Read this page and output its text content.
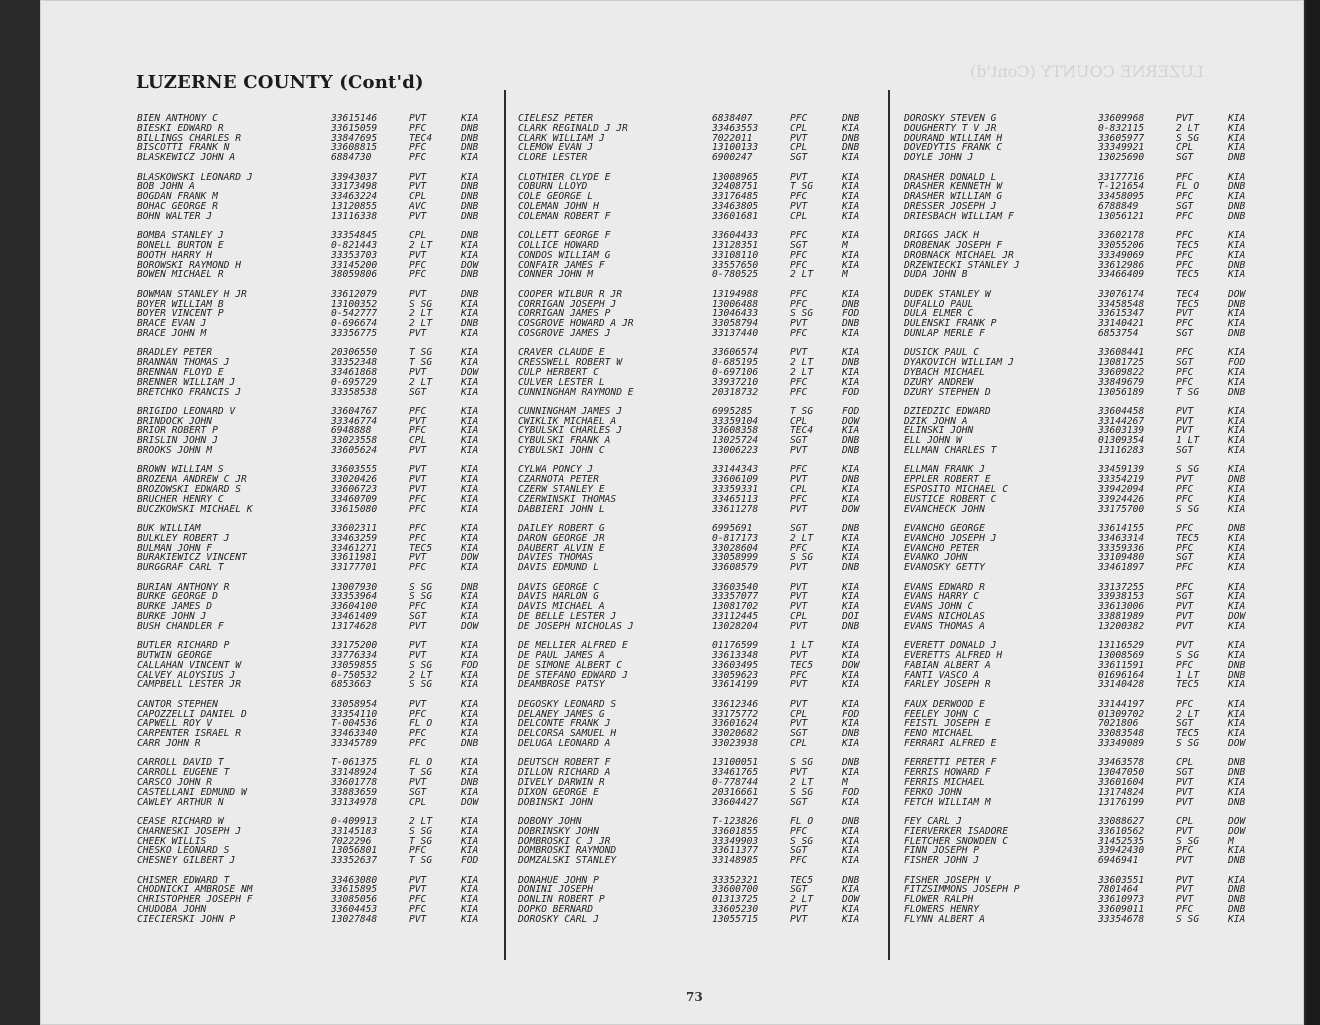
LUZERNE COUNTY (Cont'd)
LUZERNE COUNTY (Cont'd)
BIEN ANTHONY C	33615146	PVT	KIA
BIESKI EDWARD R	33615059	PFC	DNB
BILLINGS CHARLES R	33847695	TEC4	DNB
BISCOTTI FRANK N	33608815	PFC	DNB
BLASKEWICZ JOHN A	6884730	PFC	KIA
BLASKOWSKI LEONARD J	33943037	PVT	KIA
BOB JOHN A	33173498	PVT	DNB
BOGDAN FRANK M	33463224	CPL	DNB
BOHAC GEORGE R	13120855	AVC	DNB
BOHN WALTER J	13116338	PVT	DNB
BOMBA STANLEY J	33354845	CPL	DNB
BONELL BURTON E	0-821443	2 LT	KIA
BOOTH HARRY H	33353703	PVT	KIA
BOROWSKI RAYMOND H	33145200	PFC	DOW
BOWEN MICHAEL R	38059806	PFC	DNB
BOWMAN STANLEY H JR	33612079	PVT	DNB
BOYER WILLIAM B	13100352	S SG	KIA
BOYER VINCENT P	0-542777	2 LT	KIA
BRACE EVAN J	0-696674	2 LT	DNB
BRACE JOHN M	33356775	PVT	KIA
BRADLEY PETER	20306550	T SG	KIA
BRANNAN THOMAS J	33352348	T SG	KIA
BRENNAN FLOYD E	33461868	PVT	DOW
BRENNER WILLIAM J	0-695729	2 LT	KIA
BRETCHKO FRANCIS J	33358538	SGT	KIA
BRIGIDO LEONARD V	33604767	PFC	KIA
BRINDOCK JOHN	33346774	PVT	KIA
BRIOR ROBERT P	6948888	PFC	KIA
BRISLIN JOHN J	33023558	CPL	KIA
BROOKS JOHN M	33605624	PVT	KIA
BROWN WILLIAM S	33603555	PVT	KIA
BROZENA ANDREW C JR	33020426	PVT	KIA
BROZOWSKI EDWARD S	33606723	PVT	KIA
BRUCHER HENRY C	33460709	PFC	KIA
BUCZKOWSKI MICHAEL K	33615080	PFC	KIA
BUK WILLIAM	33602311	PFC	KIA
BULKLEY ROBERT J	33463259	PFC	KIA
BULMAN JOHN F	33461271	TEC5	KIA
BURAKIEWICZ VINCENT	33611981	PVT	DOW
BURGGRAF CARL T	33177701	PFC	KIA
BURIAN ANTHONY R	13007930	S SG	DNB
BURKE GEORGE D	33353964	S SG	KIA
BURKE JAMES D	33604100	PFC	KIA
BURKE JOHN J	33461409	SGT	KIA
BUSH CHANDLER F	13174628	PVT	DOW
BUTLER RICHARD P	33175200	PVT	KIA
BUTWIN GEORGE	33776334	PVT	KIA
CALLAHAN VINCENT W	33059855	S SG	FOD
CALVEY ALOYSIUS J	0-750532	2 LT	KIA
CAMPBELL LESTER JR	6853663	S SG	KIA
CANTOR STEPHEN	33058954	PVT	KIA
CAPOZZELLI DANIEL D	33354110	PFC	KIA
CAPWELL ROY V	T-004536	FL O	KIA
CARPENTER ISRAEL R	33463340	PFC	KIA
CARR JOHN R	33345789	PFC	DNB
CARROLL DAVID T	T-061375	FL O	KIA
CARROLL EUGENE T	33148924	T SG	KIA
CARSCO JOHN R	33601778	PVT	DNB
CASTELLANI EDMUND W	33883659	SGT	KIA
CAWLEY ARTHUR N	33134978	CPL	DOW
CEASE RICHARD W	0-409913	2 LT	KIA
CHARNESKI JOSEPH J	33145183	S SG	KIA
CHEEK WILLIS	7022296	T SG	KIA
CHESKO LEONARD S	13056801	PFC	KIA
CHESNEY GILBERT J	33352637	T SG	FOD
CHISMER EDWARD T	33463080	PVT	KIA
CHODNICKI AMBROSE NM	33615895	PVT	KIA
CHRISTOPHER JOSEPH F	33085056	PFC	KIA
CHUDOBA JOHN	33604453	PFC	KIA
CIECIERSKI JOHN P	13027848	PVT	KIA
CIELESZ PETER	6838407	PFC	DNB
CLARK REGINALD J JR	33463553	CPL	KIA
CLARK WILLIAM J	7022011	PVT	DNB
CLEMOW EVAN J	13100133	CPL	DNB
CLORE LESTER	6900247	SGT	KIA
CLOTHIER CLYDE E	13008965	PVT	KIA
COBURN LLOYD	32408751	T SG	KIA
COLE GEORGE L	33176485	PFC	KIA
COLEMAN JOHN H	33463805	PVT	KIA
COLEMAN ROBERT F	33601681	CPL	KIA
COLLETT GEORGE F	33604433	PFC	KIA
COLLICE HOWARD	13128351	SGT	M
CONDOS WILLIAM G	33108110	PFC	KIA
CONFAIR JAMES F	33557650	PFC	KIA
CONNER JOHN M	0-780525	2 LT	M
COOPER WILBUR R JR	13194988	PFC	KIA
CORRIGAN JOSEPH J	13006488	PFC	DNB
CORRIGAN JAMES P	13046433	S SG	FOD
COSGROVE HOWARD A JR	33058794	PVT	DNB
COSGROVE JAMES J	33137440	PFC	KIA
CRAVER CLAUDE E	33606574	PVT	KIA
CRESSWELL ROBERT W	0-685195	2 LT	DNB
CULP HERBERT C	0-697106	2 LT	KIA
CULVER LESTER L	33937210	PFC	KIA
CUNNINGHAM RAYMOND E	20318732	PFC	FOD
CUNNINGHAM JAMES J	6995285	T SG	FOD
CWIKLIK MICHAEL A	33359104	CPL	DOW
CYBULSKI CHARLES J	33608358	TEC4	KIA
CYBULSKI FRANK A	13025724	SGT	DNB
CYBULSKI JOHN C	13006223	PVT	DNB
CYLWA PONCY J	33144343	PFC	KIA
CZARNOTA PETER	33606109	PVT	DNB
CZERW STANLEY E	33359331	CPL	KIA
CZERWINSKI THOMAS	33465113	PFC	KIA
DABBIERI JOHN L	33611278	PVT	DOW
DAILEY ROBERT G	6995691	SGT	DNB
DARON GEORGE JR	0-817173	2 LT	KIA
DAUBERT ALVIN E	33028604	PFC	KIA
DAVIES THOMAS	33058999	S SG	KIA
DAVIS EDMUND L	33608579	PVT	DNB
DAVIS GEORGE C	33603540	PVT	KIA
DAVIS HARLON G	33357077	PVT	KIA
DAVIS MICHAEL A	13081702	PVT	KIA
DE BELLE LESTER J	33112445	CPL	DOI
DE JOSEPH NICHOLAS J	13028204	PVT	DNB
DE MELLIER ALFRED E	01176599	1 LT	KIA
DE PAUL JAMES A	33613348	PVT	KIA
DE SIMONE ALBERT C	33603495	TEC5	DOW
DE STEFANO EDWARD J	33059623	PFC	KIA
DEAMBROSE PATSY	33614199	PVT	KIA
DEGOSKY LEONARD S	33612346	PVT	KIA
DELANEY JAMES G	33175772	CPL	FOD
DELCONTE FRANK J	33601624	PVT	KIA
DELCORSA SAMUEL H	33020682	SGT	DNB
DELUGA LEONARD A	33023938	CPL	KIA
DEUTSCH ROBERT F	13100051	S SG	DNB
DILLON RICHARD A	33461765	PVT	KIA
DIVELY DARWIN R	0-778744	2 LT	M
DIXON GEORGE E	20316661	S SG	FOD
DOBINSKI JOHN	33604427	SGT	KIA
DOBONY JOHN	T-123826	FL O	DNB
DOBRINSKY JOHN	33601855	PFC	KIA
DOMBROSKI C J JR	33349903	S SG	KIA
DOMBROSKI RAYMOND	33611377	SGT	KIA
DOMZALSKI STANLEY	33148985	PFC	KIA
DONAHUE JOHN P	33352321	TEC5	DNB
DONINI JOSEPH	33600700	SGT	KIA
DONLIN ROBERT P	01313725	2 LT	DOW
DOPKO BERNARD	33605230	PVT	KIA
DOROSKY CARL J	13055715	PVT	KIA
DOROSKY STEVEN G	33609968	PVT	KIA
DOUGHERTY T V JR	0-832115	2 LT	KIA
DOURAND WILLIAM H	33605977	S SG	KIA
DOVEDYTIS FRANK C	33349921	CPL	KIA
DOYLE JOHN J	13025690	SGT	DNB
DRASHER DONALD L	33177716	PFC	KIA
DRASHER KENNETH W	T-121654	FL O	DNB
DRASHER WILLIAM G	33458095	PFC	KIA
DRESSER JOSEPH J	6788849	SGT	DNB
DRIESBACH WILLIAM F	13056121	PFC	DNB
DRIGGS JACK H	33602178	PFC	KIA
DROBENAK JOSEPH F	33055206	TEC5	KIA
DROBNACK MICHAEL JR	33349069	PFC	KIA
DRZEWIECKI STANLEY J	33612986	PFC	DNB
DUDA JOHN B	33466409	TEC5	KIA
DUDEK STANLEY W	33076174	TEC4	DOW
DUFALLO PAUL	33458548	TEC5	DNB
DULA ELMER C	33615347	PVT	KIA
DULENSKI FRANK P	33140421	PFC	KIA
DUNLAP MERLE F	6853754	SGT	DNB
DUSICK PAUL C	33608441	PFC	KIA
DYAKOVICH WILLIAM J	13081725	SGT	FOD
DYBACH MICHAEL	33609822	PFC	KIA
DZURY ANDREW	33849679	PFC	KIA
DZURY STEPHEN D	13056189	T SG	DNB
DZIEDZIC EDWARD	33604458	PVT	KIA
DZIK JOHN A	33144267	PVT	KIA
ELINSKI JOHN	33603139	PVT	KIA
ELL JOHN W	01309354	1 LT	KIA
ELLMAN CHARLES T	13116283	SGT	KIA
ELLMAN FRANK J	33459139	S SG	KIA
EPPLER ROBERT E	33354219	PVT	DNB
ESPOSITO MICHAEL C	33942094	PFC	KIA
EUSTICE ROBERT C	33924426	PFC	KIA
EVANCHECK JOHN	33175700	S SG	KIA
EVANCHO GEORGE	33614155	PFC	DNB
EVANCHO JOSEPH J	33463314	TEC5	KIA
EVANCHO PETER	33359336	PFC	KIA
EVANKO JOHN	33109480	SGT	KIA
EVANOSKY GETTY	33461897	PFC	KIA
EVANS EDWARD R	33137255	PFC	KIA
EVANS HARRY C	33938153	SGT	KIA
EVANS JOHN C	33613006	PVT	KIA
EVANS NICHOLAS	33881989	PVT	DOW
EVANS THOMAS A	13200382	PVT	KIA
EVERETT DONALD J	13116529	PVT	KIA
EVERETTS ALFRED H	13008569	S SG	KIA
FABIAN ALBERT A	33611591	PFC	DNB
FANTI VASCO A	01696164	1 LT	DNB
FARLEY JOSEPH R	33140428	TEC5	KIA
FAUX DERWOOD E	33144197	PFC	KIA
FEELEY JOHN C	01309702	2 LT	KIA
FEISTL JOSEPH E	7021806	SGT	KIA
FENO MICHAEL	33083548	TEC5	KIA
FERRARI ALFRED E	33349089	S SG	DOW
FERRETTI PETER F	33463578	CPL	DNB
FERRIS HOWARD F	13047050	SGT	DNB
FERRIS MICHAEL	33601604	PVT	KIA
FERKO JOHN	13174824	PVT	KIA
FETCH WILLIAM M	13176199	PVT	DNB
FEY CARL J	33088627	CPL	DOW
FIERVERKER ISADORE	33610562	PVT	DOW
FLETCHER SNOWDEN C	31452535	S SG	M
FINN JOSEPH P	33942430	PFC	KIA
FISHER JOHN J	6946941	PVT	DNB
FISHER JOSEPH V	33603551	PVT	KIA
FITZSIMMONS JOSEPH P	7801464	PVT	DNB
FLOWER RALPH	33610973	PVT	DNB
FLOWERS HENRY	33609011	PFC	DNB
FLYNN ALBERT A	33354678	S SG	KIA
73
